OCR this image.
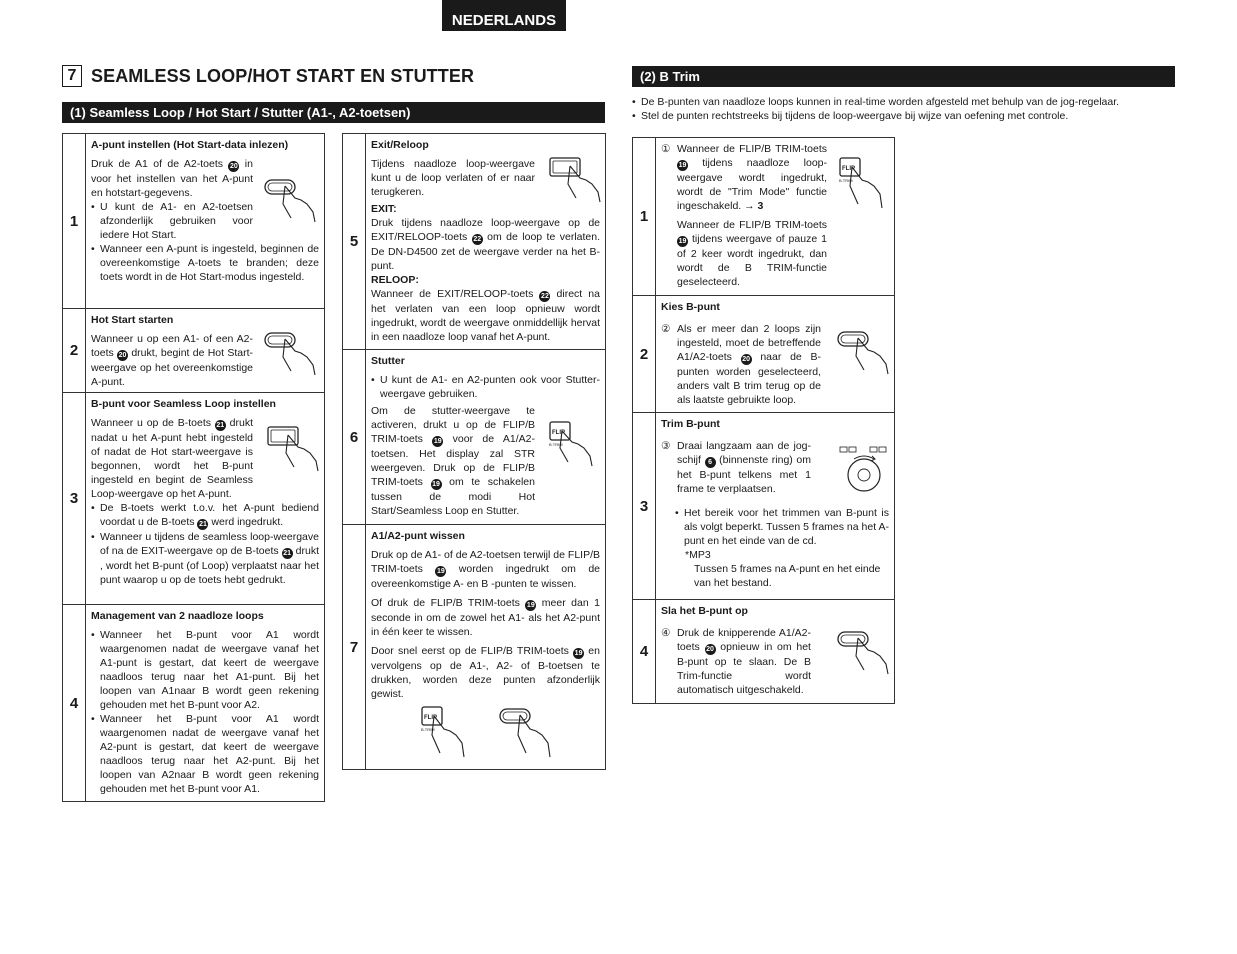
NEDERLANDS
7 SEAMLESS LOOP/HOT START EN STUTTER
(1) Seamless Loop / Hot Start / Stutter (A1-, A2-toetsen)
(2) B Trim
1
A-punt instellen (Hot Start-data inlezen)

Druk de A1 of de A2-toets 20 in voor het instellen van het A-punt en hotstart-gegevens.

• U kunt de A1- en A2-toetsen afzonderlijk gebruiken voor iedere Hot Start.
• Wanneer een A-punt is ingesteld, beginnen de overeenkomstige A-toets te branden; deze toets wordt in de Hot Start-modus ingesteld.
2
Hot Start starten

Wanneer u op een A1- of een A2-toets 20 drukt, begint de Hot Start-weergave op het overeenkomstige A-punt.

3
B-punt voor Seamless Loop instellen

Wanneer u op de B-toets 21 drukt nadat u het A-punt hebt ingesteld of nadat de Hot start-weergave is begonnen, wordt het B-punt ingesteld en begint de Seamless Loop-weergave op het A-punt.

• De B-toets werkt t.o.v. het A-punt bediend voordat u de B-toets 21 werd ingedrukt.
• Wanneer u tijdens de seamless loop-weergave of na de EXIT-weergave op de B-toets 21 drukt , wordt het B-punt (of Loop) verplaatst naar het punt waarop u op de toets hebt gedrukt.
4
Management van 2 naadloze loops
• Wanneer het B-punt voor A1 wordt waargenomen nadat de weergave vanaf het A1-punt is gestart, dat keert de weergave naadloos terug naar het A1-punt. Bij het loopen van A1naar B wordt geen rekening gehouden met het B-punt voor A2.
• Wanneer het B-punt voor A1 wordt waargenomen nadat de weergave vanaf het A2-punt is gestart, dat keert de weergave naadloos terug naar het A2-punt. Bij het loopen van A2naar B wordt geen rekening gehouden met het B-punt voor A1.
5
Exit/Reloop

Tijdens naadloze loop-weergave kunt u de loop verlaten of er naar terugkeren.

EXIT:

Druk tijdens naadloze loop-weergave op de EXIT/RELOOP-toets 22 om de loop te verlaten. De DN-D4500 zet de weergave verder na het B-punt.

RELOOP:

Wanneer de EXIT/RELOOP-toets 22 direct na het verlaten van een loop opnieuw wordt ingedrukt, wordt de weergave onmiddellijk hervat in een naadloze loop vanaf het A-punt.

6
Stutter
• U kunt de A1- en A2-punten ook voor Stutter-weergave gebruiken.

Om de stutter-weergave te activeren, drukt u op de FLIP/B TRIM-toets 19 voor de A1/A2-toetsen. Het display zal STR weergeven. Druk op de FLIP/B TRIM-toets 19 om te schakelen tussen de modi Hot Start/Seamless Loop en Stutter.

FLIP
B.TRIM
7
A1/A2-punt wissen

Druk op de A1- of de A2-toetsen terwijl de FLIP/B TRIM-toets 19 worden ingedrukt om de overeenkomstige A- en B -punten te wissen.

Of druk de FLIP/B TRIM-toets 19 meer dan 1 seconde in om de zowel het A1- als het A2-punt in één keer te wissen.

Door snel eerst op de FLIP/B TRIM-toets 19 en vervolgens op de A1-, A2- of B-toetsen te drukken, worden deze punten afzonderlijk gewist.

FLIP
B.TRIM
• De B-punten van naadloze loops kunnen in real-time worden afgesteld met behulp van de jog-regelaar.
• Stel de punten rechtstreeks bij tijdens de loop-weergave bij wijze van oefening met controle.
1
① Wanneer de FLIP/B TRIM-toets 19 tijdens naadloze loop-weergave wordt ingedrukt, wordt de "Trim Mode" functie ingeschakeld. → 3

Wanneer de FLIP/B TRIM-toets 19 tijdens weergave of pauze 1 of 2 keer wordt ingedrukt, dan wordt de B TRIM-functie geselecteerd.

FLIP
B.TRIM
2
Kies B-punt
② Als er meer dan 2 loops zijn ingesteld, moet de betreffende A1/A2-toets 20 naar de B-punten worden geselecteerd, anders valt B trim terug op de als laatste gebruikte loop.
3
Trim B-punt
③ Draai langzaam aan de jog-schijf 6 (binnenste ring) om het B-punt telkens met 1 frame te verplaatsen.
• Het bereik voor het trimmen van B-punt is als volgt beperkt. Tussen 5 frames na het A-punt en het einde van de cd.
*MP3
Tussen 5 frames na A-punt en het einde van het bestand.
4
Sla het B-punt op
④ Druk de knipperende A1/A2-toets 20 opnieuw in om het B-punt op te slaan. De B Trim-functie wordt automatisch uitgeschakeld.
